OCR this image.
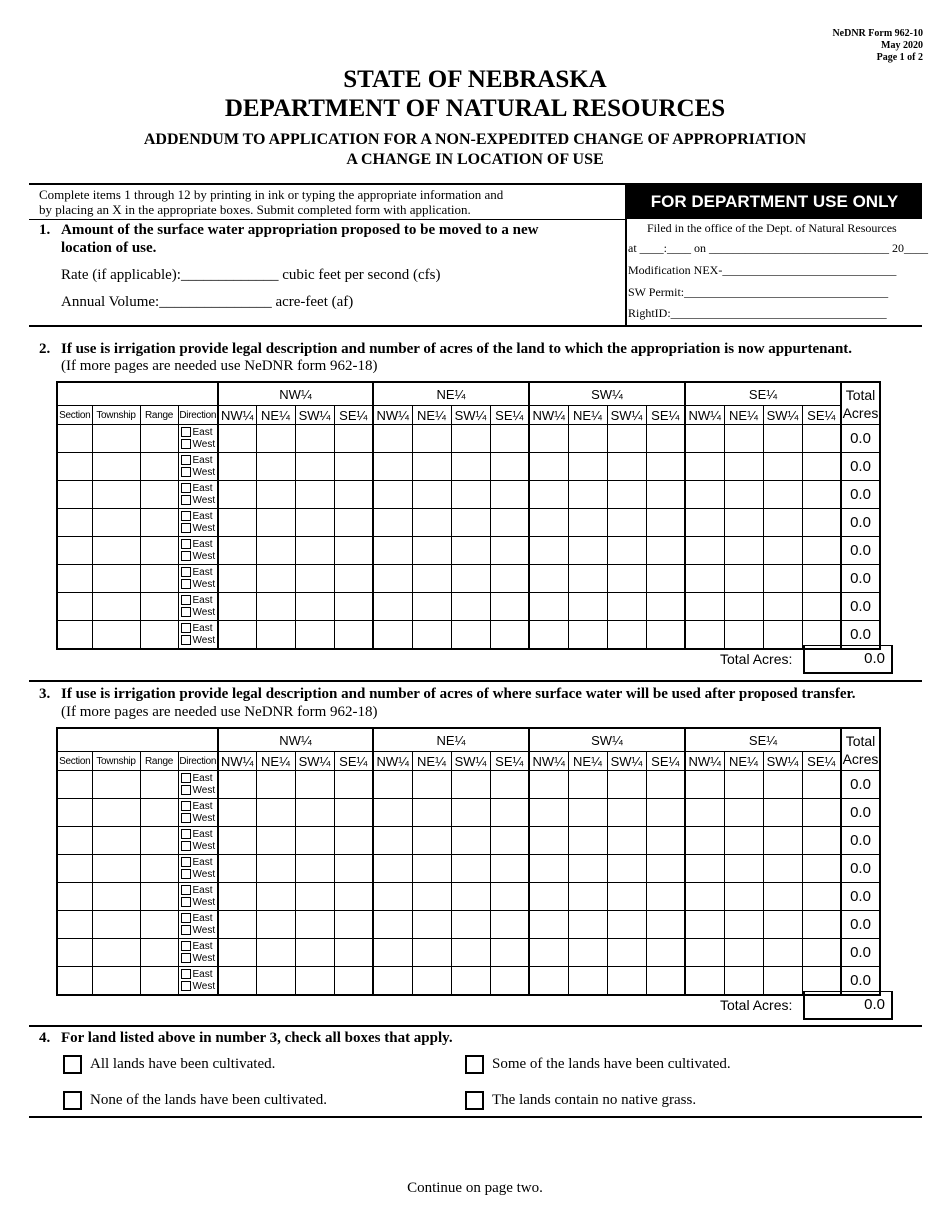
NeDNR Form 962-10
May 2020
Page 1 of 2
STATE OF NEBRASKA
DEPARTMENT OF NATURAL RESOURCES
ADDENDUM TO APPLICATION FOR A NON-EXPEDITED CHANGE OF APPROPRIATION
A CHANGE IN LOCATION OF USE
Complete items 1 through 12 by printing in ink or typing the appropriate information and
by placing an X in the appropriate boxes. Submit completed form with application.	FOR DEPARTMENT USE ONLY
Filed in the office of the Dept. of Natural Resources
at ____:____ on ______________________________ 20____
Modification NEX-_____________________________
SW Permit:__________________________________
RightID:____________________________________
1. Amount of the surface water appropriation proposed to be moved to a new
location of use.
Rate (if applicable):_____________ cubic feet per second (cfs)
Annual Volume:_______________ acre-feet (af)
2. If use is irrigation provide legal description and number of acres of the land to which the appropriation is now appurtenant.
(If more pages are needed use NeDNR form 962-18)
				NW¼				NE¼				SW¼				SE¼				Total
Acres

Section	Township	Range	Direction	NW¼	NE¼	SW¼	SE¼	NW¼	NE¼	SW¼	SE¼	NW¼	NE¼	SW¼	SE¼	NW¼	NE¼	SW¼	SE¼	

			East
West																	0.0

			East
West																	0.0

			East
West																	0.0

			East
West																	0.0

			East
West																	0.0

			East
West																	0.0

			East
West																	0.0

			East
West																	0.0
Total Acres:	0.0
3. If use is irrigation provide legal description and number of acres of where surface water will be used after proposed transfer.
(If more pages are needed use NeDNR form 962-18)
				NW¼				NE¼				SW¼				SE¼				Total
Acres

Section	Township	Range	Direction	NW¼	NE¼	SW¼	SE¼	NW¼	NE¼	SW¼	SE¼	NW¼	NE¼	SW¼	SE¼	NW¼	NE¼	SW¼	SE¼	

			East
West																	0.0

			East
West																	0.0

			East
West																	0.0

			East
West																	0.0

			East
West																	0.0

			East
West																	0.0

			East
West																	0.0

			East
West																	0.0
Total Acres:	0.0
4. For land listed above in number 3, check all boxes that apply.
All lands have been cultivated.	Some of the lands have been cultivated.
None of the lands have been cultivated.	The lands contain no native grass.
Continue on page two.
